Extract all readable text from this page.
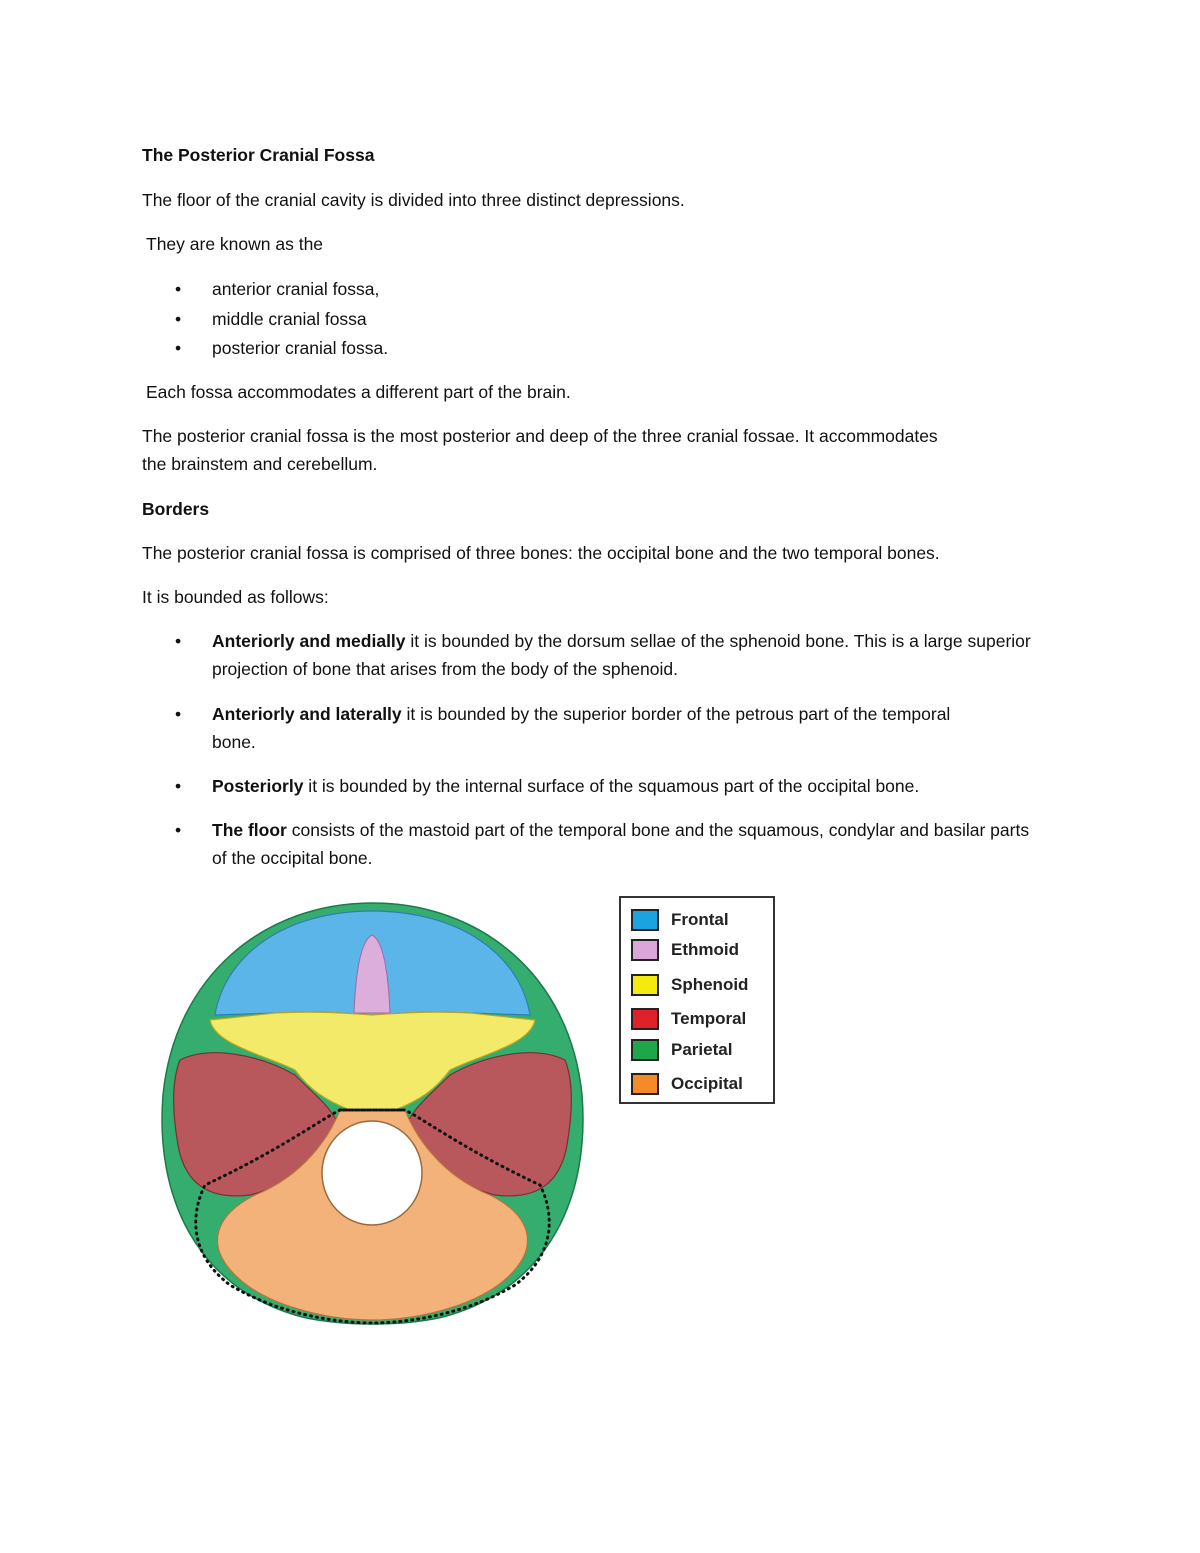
The Posterior Cranial Fossa
The floor of the cranial cavity is divided into three distinct depressions.
They are known as the
• anterior cranial fossa,
• middle cranial fossa
• posterior cranial fossa.
Each fossa accommodates a different part of the brain.
The posterior cranial fossa is the most posterior and deep of the three cranial fossae. It accommodates
the brainstem and cerebellum.
Borders
The posterior cranial fossa is comprised of three bones: the occipital bone and the two temporal bones.
It is bounded as follows:
• Anteriorly and medially it is bounded by the dorsum sellae of the sphenoid bone. This is a large superior projection of bone that arises from the body of the sphenoid.
• Anteriorly and laterally it is bounded by the superior border of the petrous part of the temporal bone.
• Posteriorly it is bounded by the internal surface of the squamous part of the occipital bone.
• The floor consists of the mastoid part of the temporal bone and the squamous, condylar and basilar parts of the occipital bone.
Frontal
Ethmoid
Sphenoid
Temporal
Parietal
Occipital
